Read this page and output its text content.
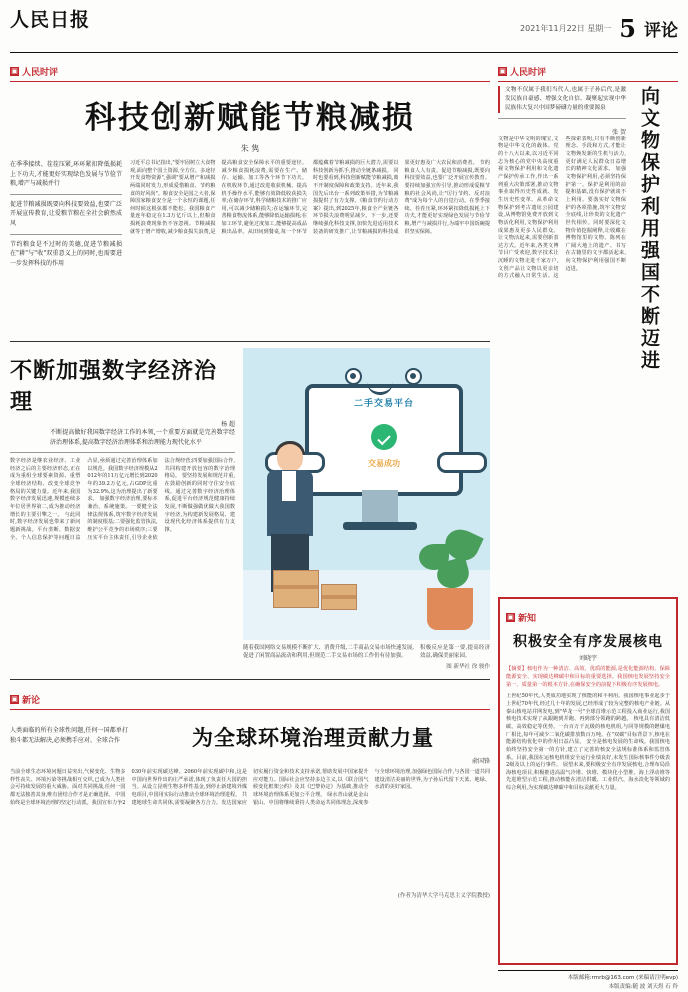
人民日报	2021年11月22日 星期一 5 评论
▣ 人民时评
科技创新赋能节粮减损
朱 隽
在季季接续、茬茬压紧,环环紧扣降低损耗上下功夫,才能更好实现绿色发展与节俭节粮,增产与减损并行
促进节粮减损既要向科技要效益,也要广泛开展宣传教育,让爱粮节粮在全社会蔚然成风
节约粮食是不过时的美德,促进节粮减损在"耕"与"收"双重意义上的同时,也需要进一步发挥科技的作用
习近平总书记指出,"要牢固树立大食物观,面向整个国土资源,全方位、多途径开发食物资源",强调"要从增产和减损两端同时发力,形成爱惜粮食、节约粮食的好风尚"。粮食安全是国之大者,保障国家粮食安全是一个永恒的课题,任何时候这根弦都不能松。我国粮食产量连年稳定在1.3万亿斤以上,但粮食损耗浪费现象仍不容忽视。节粮减损就等于增产增收,减少粮食损失浪费,是提高粮食安全保障水平的重要途径。 减少粮食损耗浪费,需要在生产、储存、运输、加工等各个环节下功夫。在机收环节,通过改进收获机械、提高机手操作水平,能够有效降低收获损失率;在储存环节,科学储粮技术的推广应用,可以减少储粮损失;在运输环节,完善粮食物流体系,能够降低运输损耗;在加工环节,避免过度加工,能够提高成品粮出品率。从田间到餐桌,每一个环节都蕴藏着节粮减损的巨大潜力,需要以科技创新为抓手,推动全链条减损。 同时也要看到,科技创新赋能节粮减损,离不开制度保障和政策支持。近年来,我国先后出台一系列政策举措,为节粮减损提供了有力支撑。《粮食节约行动方案》提出,到2025年,粮食全产业链各环节损失浪费明显减少。下一步,还要继续强化科技支撑,加快先进适用技术装备的研发推广,让节粮减损的科技成果更好惠及广大农民和消费者。 节约粮食人人有责。促进节粮减损,既要向科技要效益,也要广泛开展宣传教育。要持续加强宣传引导,推动形成爱粮节粮的社会风尚,让"厉行节约、反对浪费"成为每个人的自觉行动。在季季接续、茬茬压紧,环环紧扣降低损耗上下功夫,才能更好实现绿色发展与节俭节粮,增产与减损并行,为端牢中国饭碗提供坚实保障。
不断加强数字经济治理
杨 超
不断提高做好我国数字经济工作的本领,一个重要方面就是完善数字经济治理体系,提高数字经济治理体系和治理能力现代化水平
数字经济是继农业经济、工业经济之后的主要经济形态,正在成为重组全球要素资源、重塑全球经济结构、改变全球竞争格局的关键力量。近年来,我国数字经济发展迅速,规模连续多年位居世界第二,成为推动经济增长的主要引擎之一。 与此同时,数字经济发展也带来了新问题新挑战。平台垄断、数据安全、个人信息保护等问题日益凸显,亟须通过完善治理体系加以规范。我国数字经济规模从2012年的11万亿元增长到2020年的39.2万亿元,占GDP比重为32.9%,这为治理提出了新要求。 加强数字经济治理,要标本兼治、系统施策。一要健全法律法规体系,筑牢数字经济发展的制度根基;二要强化监管执法,维护公平竞争的市场秩序;三要压实平台主体责任,引导企业依法合规经营;四要加强国际合作,共同构建开放包容的数字治理格局。 要坚持发展和规范并重,在鼓励创新的同时守住安全底线。通过完善数字经济治理体系,促进平台经济规范健康持续发展,不断做强做优做大我国数字经济,为构建新发展格局、建设现代化经济体系提供有力支撑。
二手交易平台
交易成功
随着我国网络交易规模不断扩大、消费升级,二手商品交易市场快速发展,促进了闲置商品流动和利用,但规范二手交易市场的工作仍有待加强。
积极反应是第一要,提高经济效益,确保美丽家园。
图 新华社 徐 骏作
▣ 新论
人类面临的所有全球性问题,任何一国都单打独斗都无法解决,必须携手应对、全球合作	为全球环境治理贡献力量
俞国锋
当前全球生态环境问题日益突出,气候变化、生物多样性丧失、环境污染等挑战相互交织,已成为人类社会可持续发展的重大威胁。面对共同挑战,任何一国都无法独善其身,唯有团结合作才是正确选择。 中国始终是全球环境治理的坚定行动派。我国宣布力争2030年前实现碳达峰、2060年前实现碳中和,这是中国向世界作出的庄严承诺,体现了负责任大国的担当。从设立昆明生物多样性基金,到停止新建境外煤电项目,中国用实际行动推动全球环境治理进程。 共建地球生命共同体,需要凝聚各方合力。发达国家应切实履行资金和技术支持承诺,帮助发展中国家提升应对能力。国际社会应坚持多边主义,以《联合国气候变化框架公约》及其《巴黎协定》为基础,推动全球环境治理体系更加公平合理。 绿水青山就是金山银山。中国将继续秉持人类命运共同体理念,深度参与全球环境治理,加强绿色国际合作,与各国一道共同建设清洁美丽的世界,为子孙后代留下天蓝、地绿、水清的美好家园。
(作者为清华大学马克思主义学院教授)
▣ 人民时评
文物不仅属于我们当代人,也属于子孙后代,是激发民族自豪感、增强文化自信、凝聚起实现中华民族伟大复兴中国梦磅礴力量的重要源泉
张 贺
文物是中华文明的瑰宝,文物是中华文化的载体。党的十八大以来,以习近平同志为核心的党中央高度重视文物保护利用和文化遗产保护传承工作,作出一系列重大决策部署,推动文物事业取得历史性成就、发生历史性变革。从革命文物保护到考古遗址公园建设,从博物馆免费开放到文物活化利用,文物保护利用成果惠及更多人民群众。 让文物活起来,需要创新表达方式。近年来,各类文博节目广受欢迎,数字技术让沉睡的文物走进千家万户,文创产品让文物以更亲切的方式融入日常生活。这些探索表明,只有不断创新理念、手段和方式,才能让文物焕发新的生机与活力,更好满足人民群众日益增长的精神文化需求。 加强文物保护利用,必须坚持保护第一。保护是利用的前提和基础,没有保护就谈不上利用。要落实好文物保护的各项措施,筑牢文物安全底线,让珍贵的文化遗产世代相传。同时要深化文物价值挖掘阐释,让收藏在博物馆里的文物、陈列在广阔大地上的遗产、书写在古籍里的文字都活起来,向文物保护利用强国不断迈进。	向文物保护利用强国不断迈进
▣ 新知
积极安全有序发展核电
刘晓宇
【摘要】核电作为一种清洁、高效、优质的能源,是优化能源结构、保障能源安全、实现碳达峰碳中和目标的重要选择。我国核电发展坚持安全第一、质量第一的根本方针,在确保安全的前提下积极有序发展核电。
上世纪50年代,人类成功地实现了核能的和平利用。我国核电事业起步于上世纪70年代,经过几十年的发展,已经形成了较为完整的核电产业链。从秦山核电站并网发电,到"华龙一号"全球首堆示范工程投入商业运行,我国核电技术实现了从跟跑到并跑、再到部分领跑的跨越。 核电具有清洁低碳、高效稳定等优势。一台百万千瓦级的核电机组,与同等规模的燃煤电厂相比,每年可减少二氧化碳排放数百万吨。在"双碳"目标背景下,核电在能源结构优化中的作用日益凸显。 安全是核电发展的生命线。我国核电始终坚持安全第一的方针,建立了完善的核安全法规标准体系和监管体系。目前,我国在运核电机组安全运行业绩良好,未发生国际核事件分级表2级及以上的运行事件。 展望未来,要积极安全有序发展核电,合理布局沿海核电项目,积极推进高温气冷堆、快堆、模块化小型堆、海上浮动堆等先进堆型示范工程,推动核能在清洁供暖、工业供汽、海水淡化等领域的综合利用,为实现碳达峰碳中和目标贡献更大力量。
本版邮箱:rmrb@163.com (来稿请注明evp)
本版责编:随 波 刘天煜 石 羚
